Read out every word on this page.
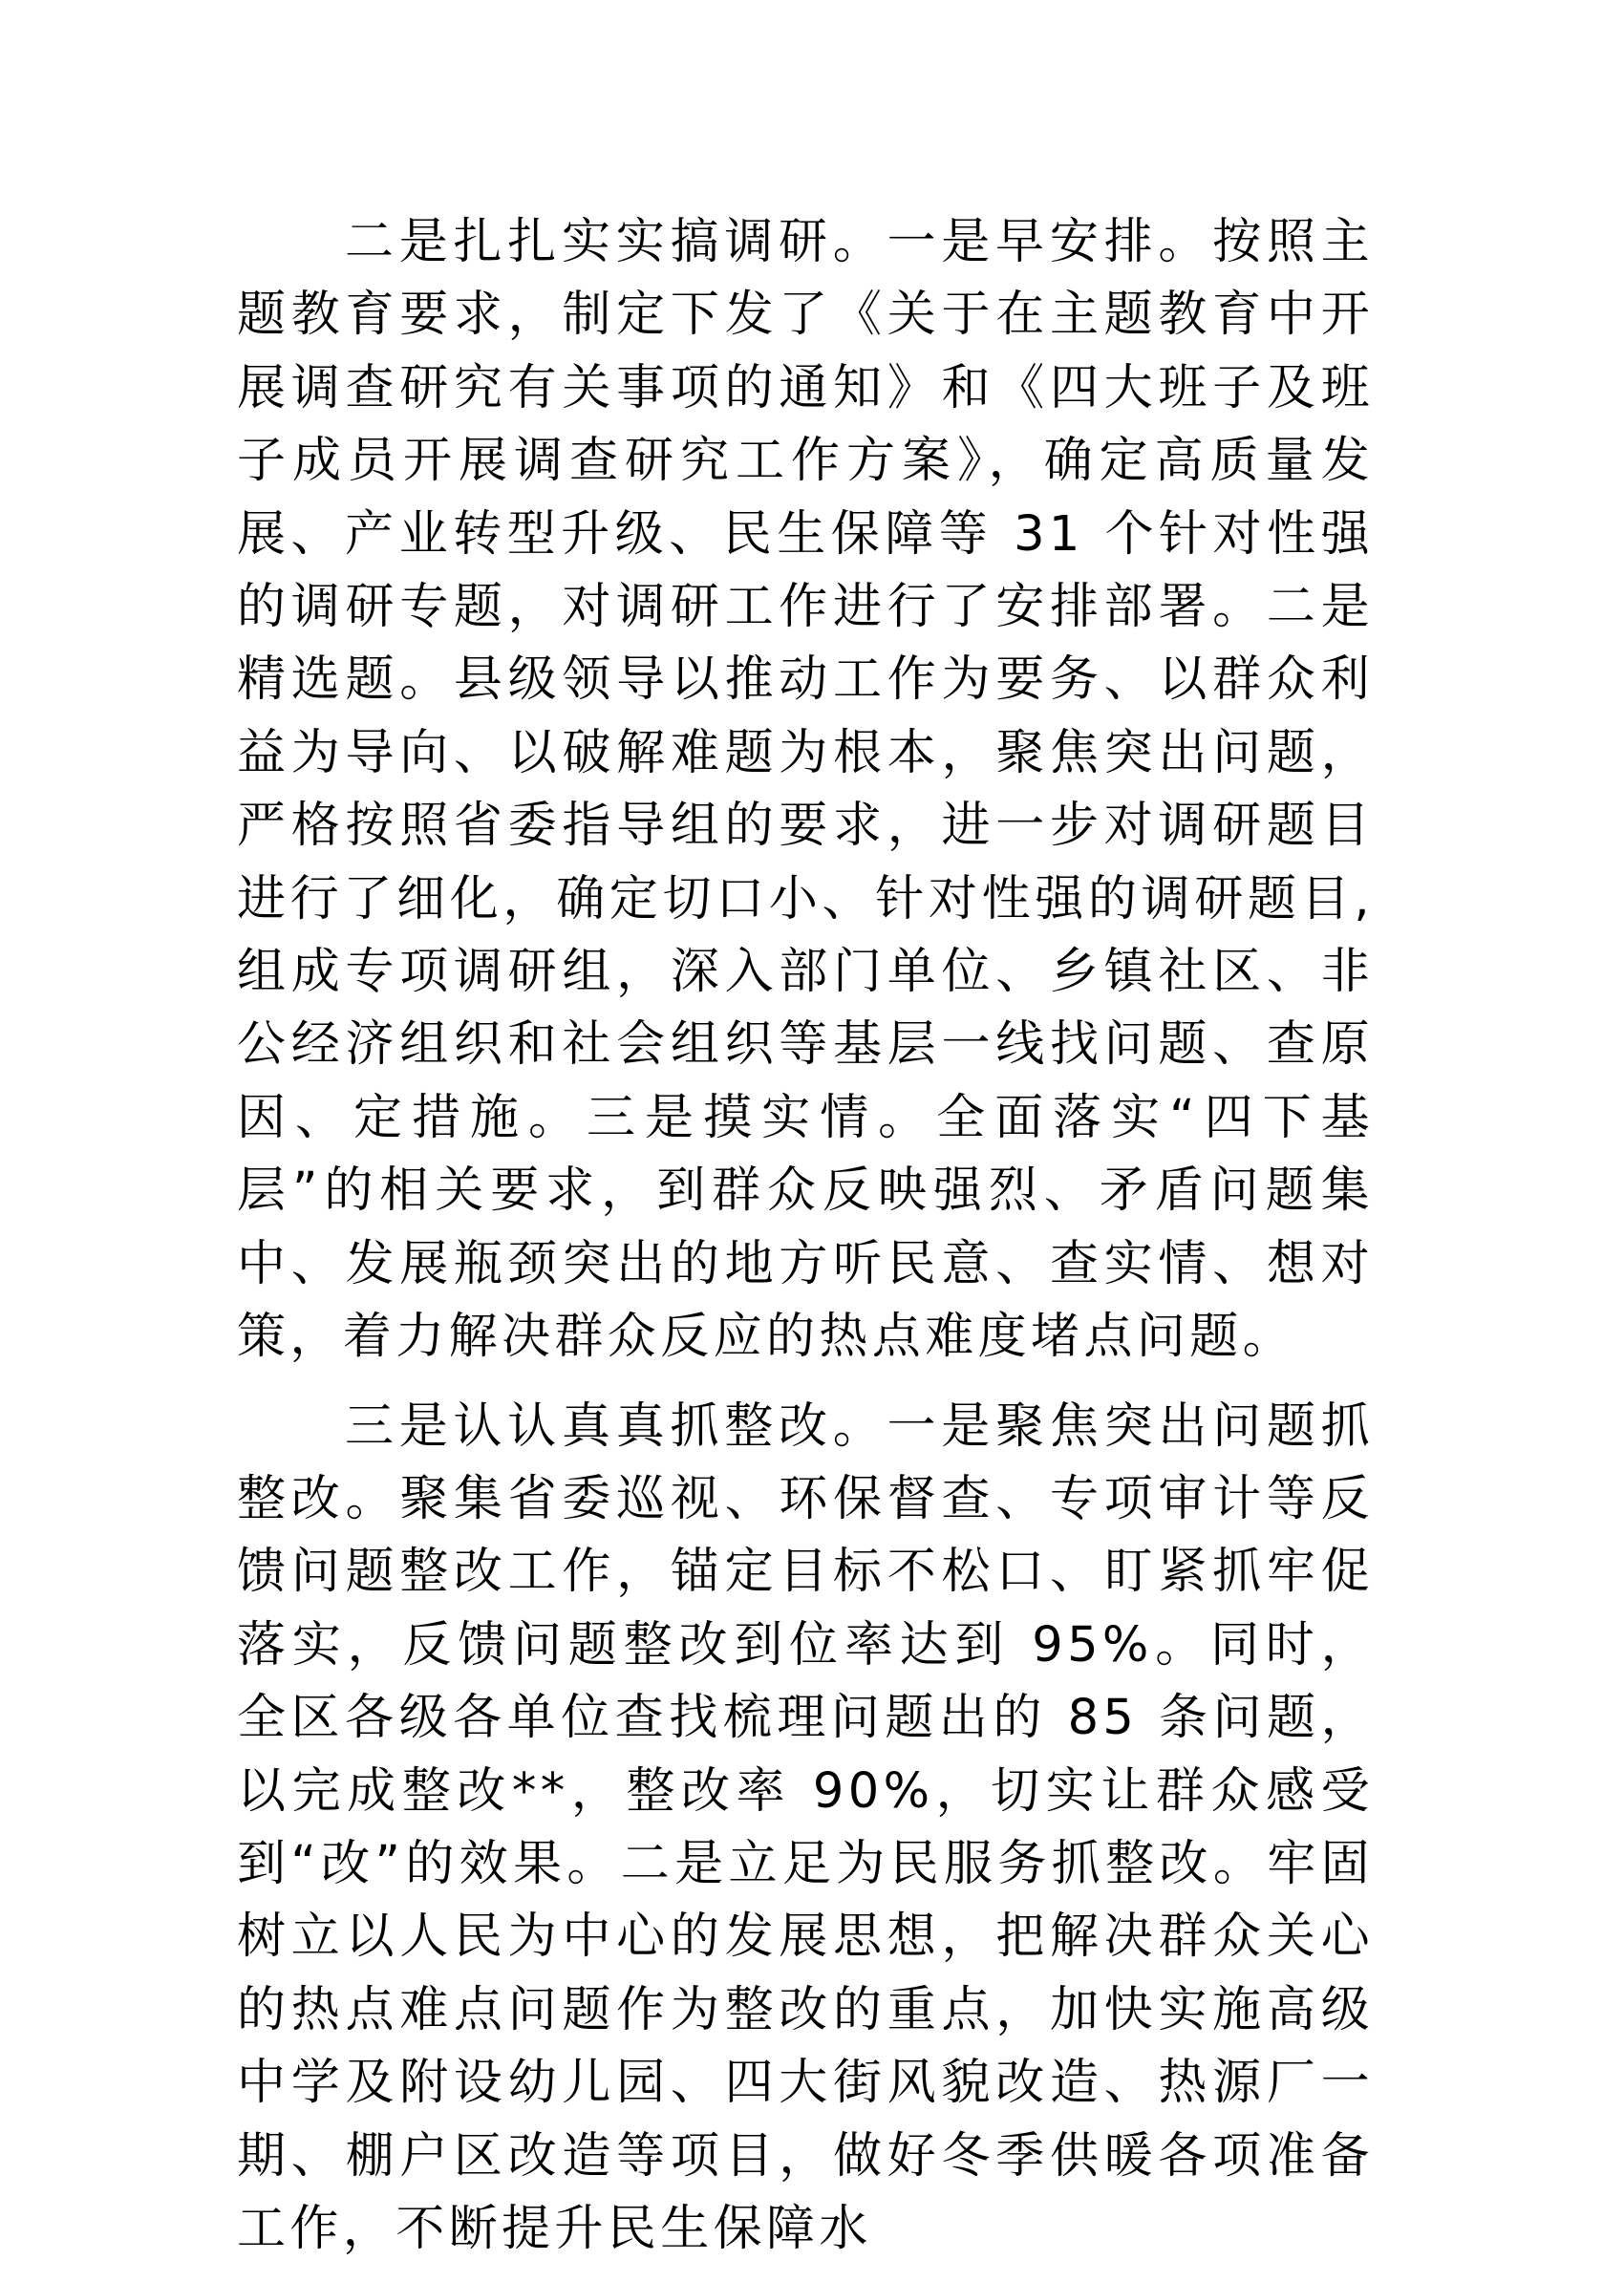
二是扎扎实实搞调研。一是早安排。按照主题教育要求，制定下发了《关于在主题教育中开展调查研究有关事项的通知》和《四大班子及班子成员开展调查研究工作方案》，确定高质量发展、产业转型升级、民生保障等 31 个针对性强的调研专题，对调研工作进行了安排部署。二是精选题。县级领导以推动工作为要务、以群众利益为导向、以破解难题为根本，聚焦突出问题，严格按照省委指导组的要求，进一步对调研题目进行了细化，确定切口小、针对性强的调研题目,组成专项调研组，深入部门单位、乡镇社区、非公经济组织和社会组织等基层一线找问题、查原因、定措施。三是摸实情。全面落实“四下基层”的相关要求，到群众反映强烈、矛盾问题集中、发展瓶颈突出的地方听民意、查实情、想对策，着力解决群众反应的热点难度堵点问题。

三是认认真真抓整改。一是聚焦突出问题抓整改。聚集省委巡视、环保督查、专项审计等反馈问题整改工作，锚定目标不松口、盯紧抓牢促落实，反馈问题整改到位率达到 95%。同时，全区各级各单位查找梳理问题出的 85 条问题，以完成整改**，整改率 90%，切实让群众感受到“改”的效果。二是立足为民服务抓整改。牢固树立以人民为中心的发展思想，把解决群众关心的热点难点问题作为整改的重点，加快实施高级中学及附设幼儿园、四大街风貌改造、热源厂一期、棚户区改造等项目，做好冬季供暖各项准备工作，不断提升民生保障水
